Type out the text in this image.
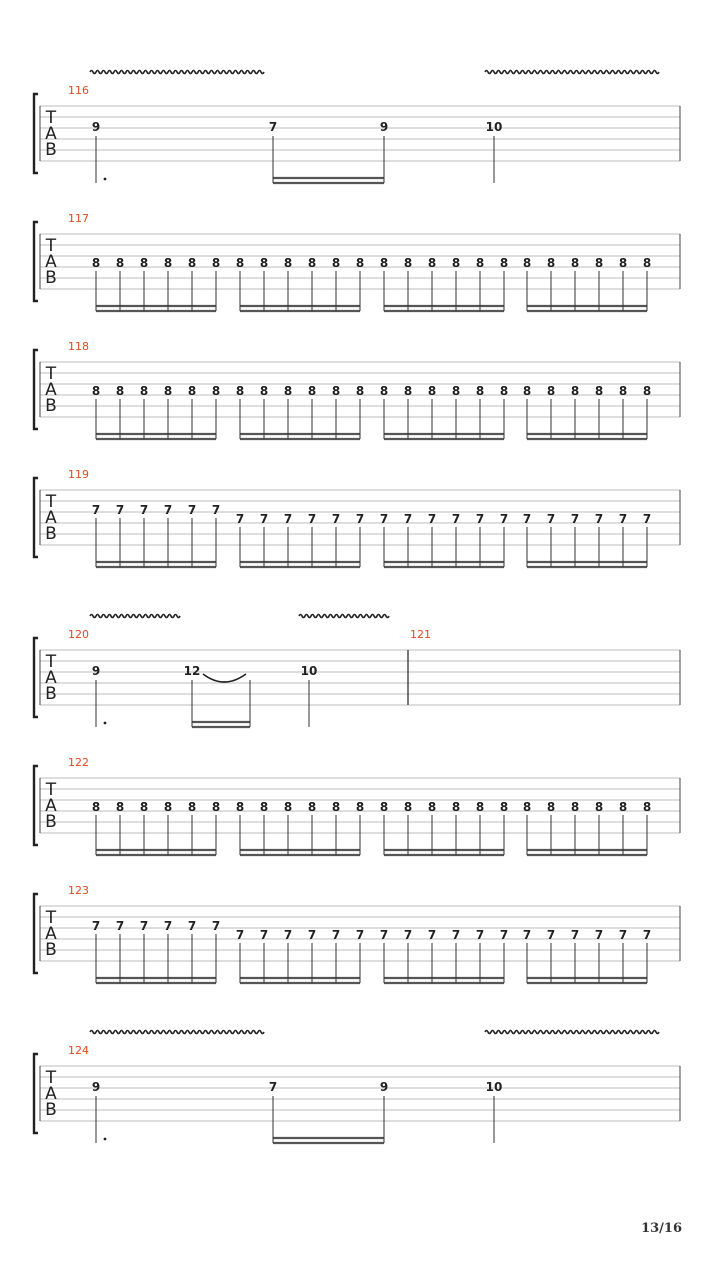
T
A
B
116
9	7	9	10
T
A
B
117
8 8 8 8 8 8 8 8 8 8 8 8 8 8 8 8 8 8 8 8 8 8 8 8
T
A
B
118
8 8 8 8 8 8 8 8 8 8 8 8 8 8 8 8 8 8 8 8 8 8 8 8
T
A
B
119
7 7 7 7 7 7
7 7 7 7 7 7 7 7 7 7 7 7 7 7 7 7 7 7
T
A
B
120	121
9	12	10
T
A
B
122
8 8 8 8 8 8 8 8 8 8 8 8 8 8 8 8 8 8 8 8 8 8 8 8
T
A
B
123
7 7 7 7 7 7
7 7 7 7 7 7 7 7 7 7 7 7 7 7 7 7 7 7
T
A
B
124
9	7	9	10
13/16
